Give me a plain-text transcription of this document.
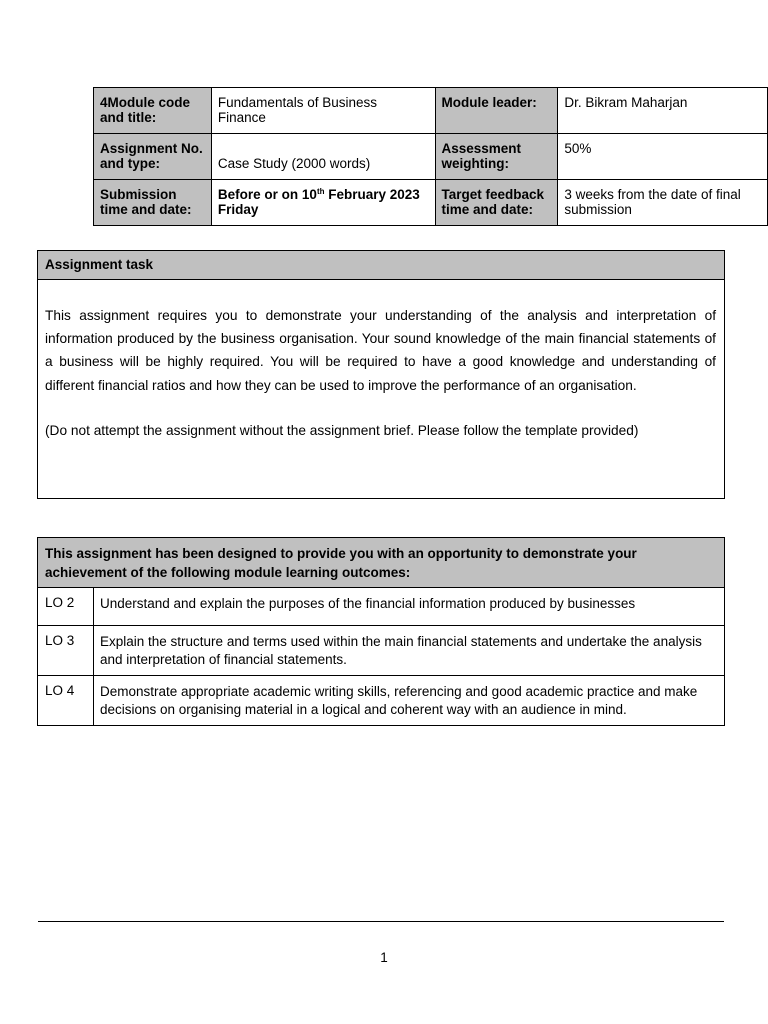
4Module code and title:	Fundamentals of Business Finance	Module leader:	Dr. Bikram Maharjan
Assignment No. and type:	Case Study (2000 words)	Assessment weighting:	50%
Submission time and date:	Before or on 10th February 2023 Friday	Target feedback time and date:	3 weeks from the date of final submission
Assignment task

This assignment requires you to demonstrate your understanding of the analysis and interpretation of information produced by the business organisation. Your sound knowledge of the main financial statements of a business will be highly required. You will be required to have a good knowledge and understanding of different financial ratios and how they can be used to improve the performance of an organisation.

(Do not attempt the assignment without the assignment brief. Please follow the template provided)

This assignment has been designed to provide you with an opportunity to demonstrate your achievement of the following module learning outcomes:	
LO 2	Understand and explain the purposes of the financial information produced by businesses
LO 3	Explain the structure and terms used within the main financial statements and undertake the analysis and interpretation of financial statements.
LO 4	Demonstrate appropriate academic writing skills, referencing and good academic practice and make decisions on organising material in a logical and coherent way with an audience in mind.
1
